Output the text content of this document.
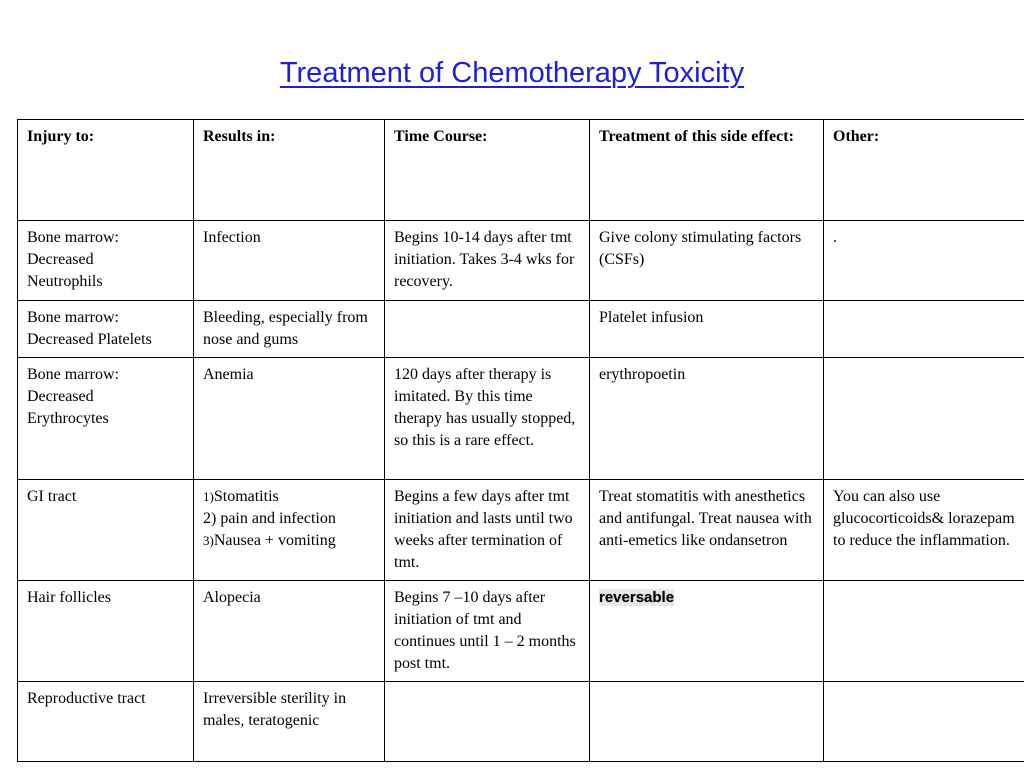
Treatment of Chemotherapy Toxicity
Injury to:	Results in:	Time Course:	Treatment of this side effect:	Other:

Bone marrow:
Decreased
Neutrophils	Infection	Begins 10-14 days after tmt initiation. Takes 3-4 wks for recovery.	Give colony stimulating factors (CSFs)	.

Bone marrow:
Decreased Platelets	Bleeding, especially from nose and gums		Platelet infusion	

Bone marrow:
Decreased
Erythrocytes	Anemia	120 days after therapy is imitated. By this time therapy has usually stopped, so this is a rare effect.	erythropoetin	

GI tract	1)Stomatitis
2) pain and infection
3)Nausea + vomiting	Begins a few days after tmt initiation and lasts until two weeks after termination of tmt.	Treat stomatitis with anesthetics and antifungal. Treat nausea with anti-emetics like ondansetron	You can also use glucocorticoids& lorazepam to reduce the inflammation.

Hair follicles	Alopecia	Begins 7 –10 days after initiation of tmt and continues until 1 – 2 months post tmt.	reversable	

Reproductive tract	Irreversible sterility in males, teratogenic			
